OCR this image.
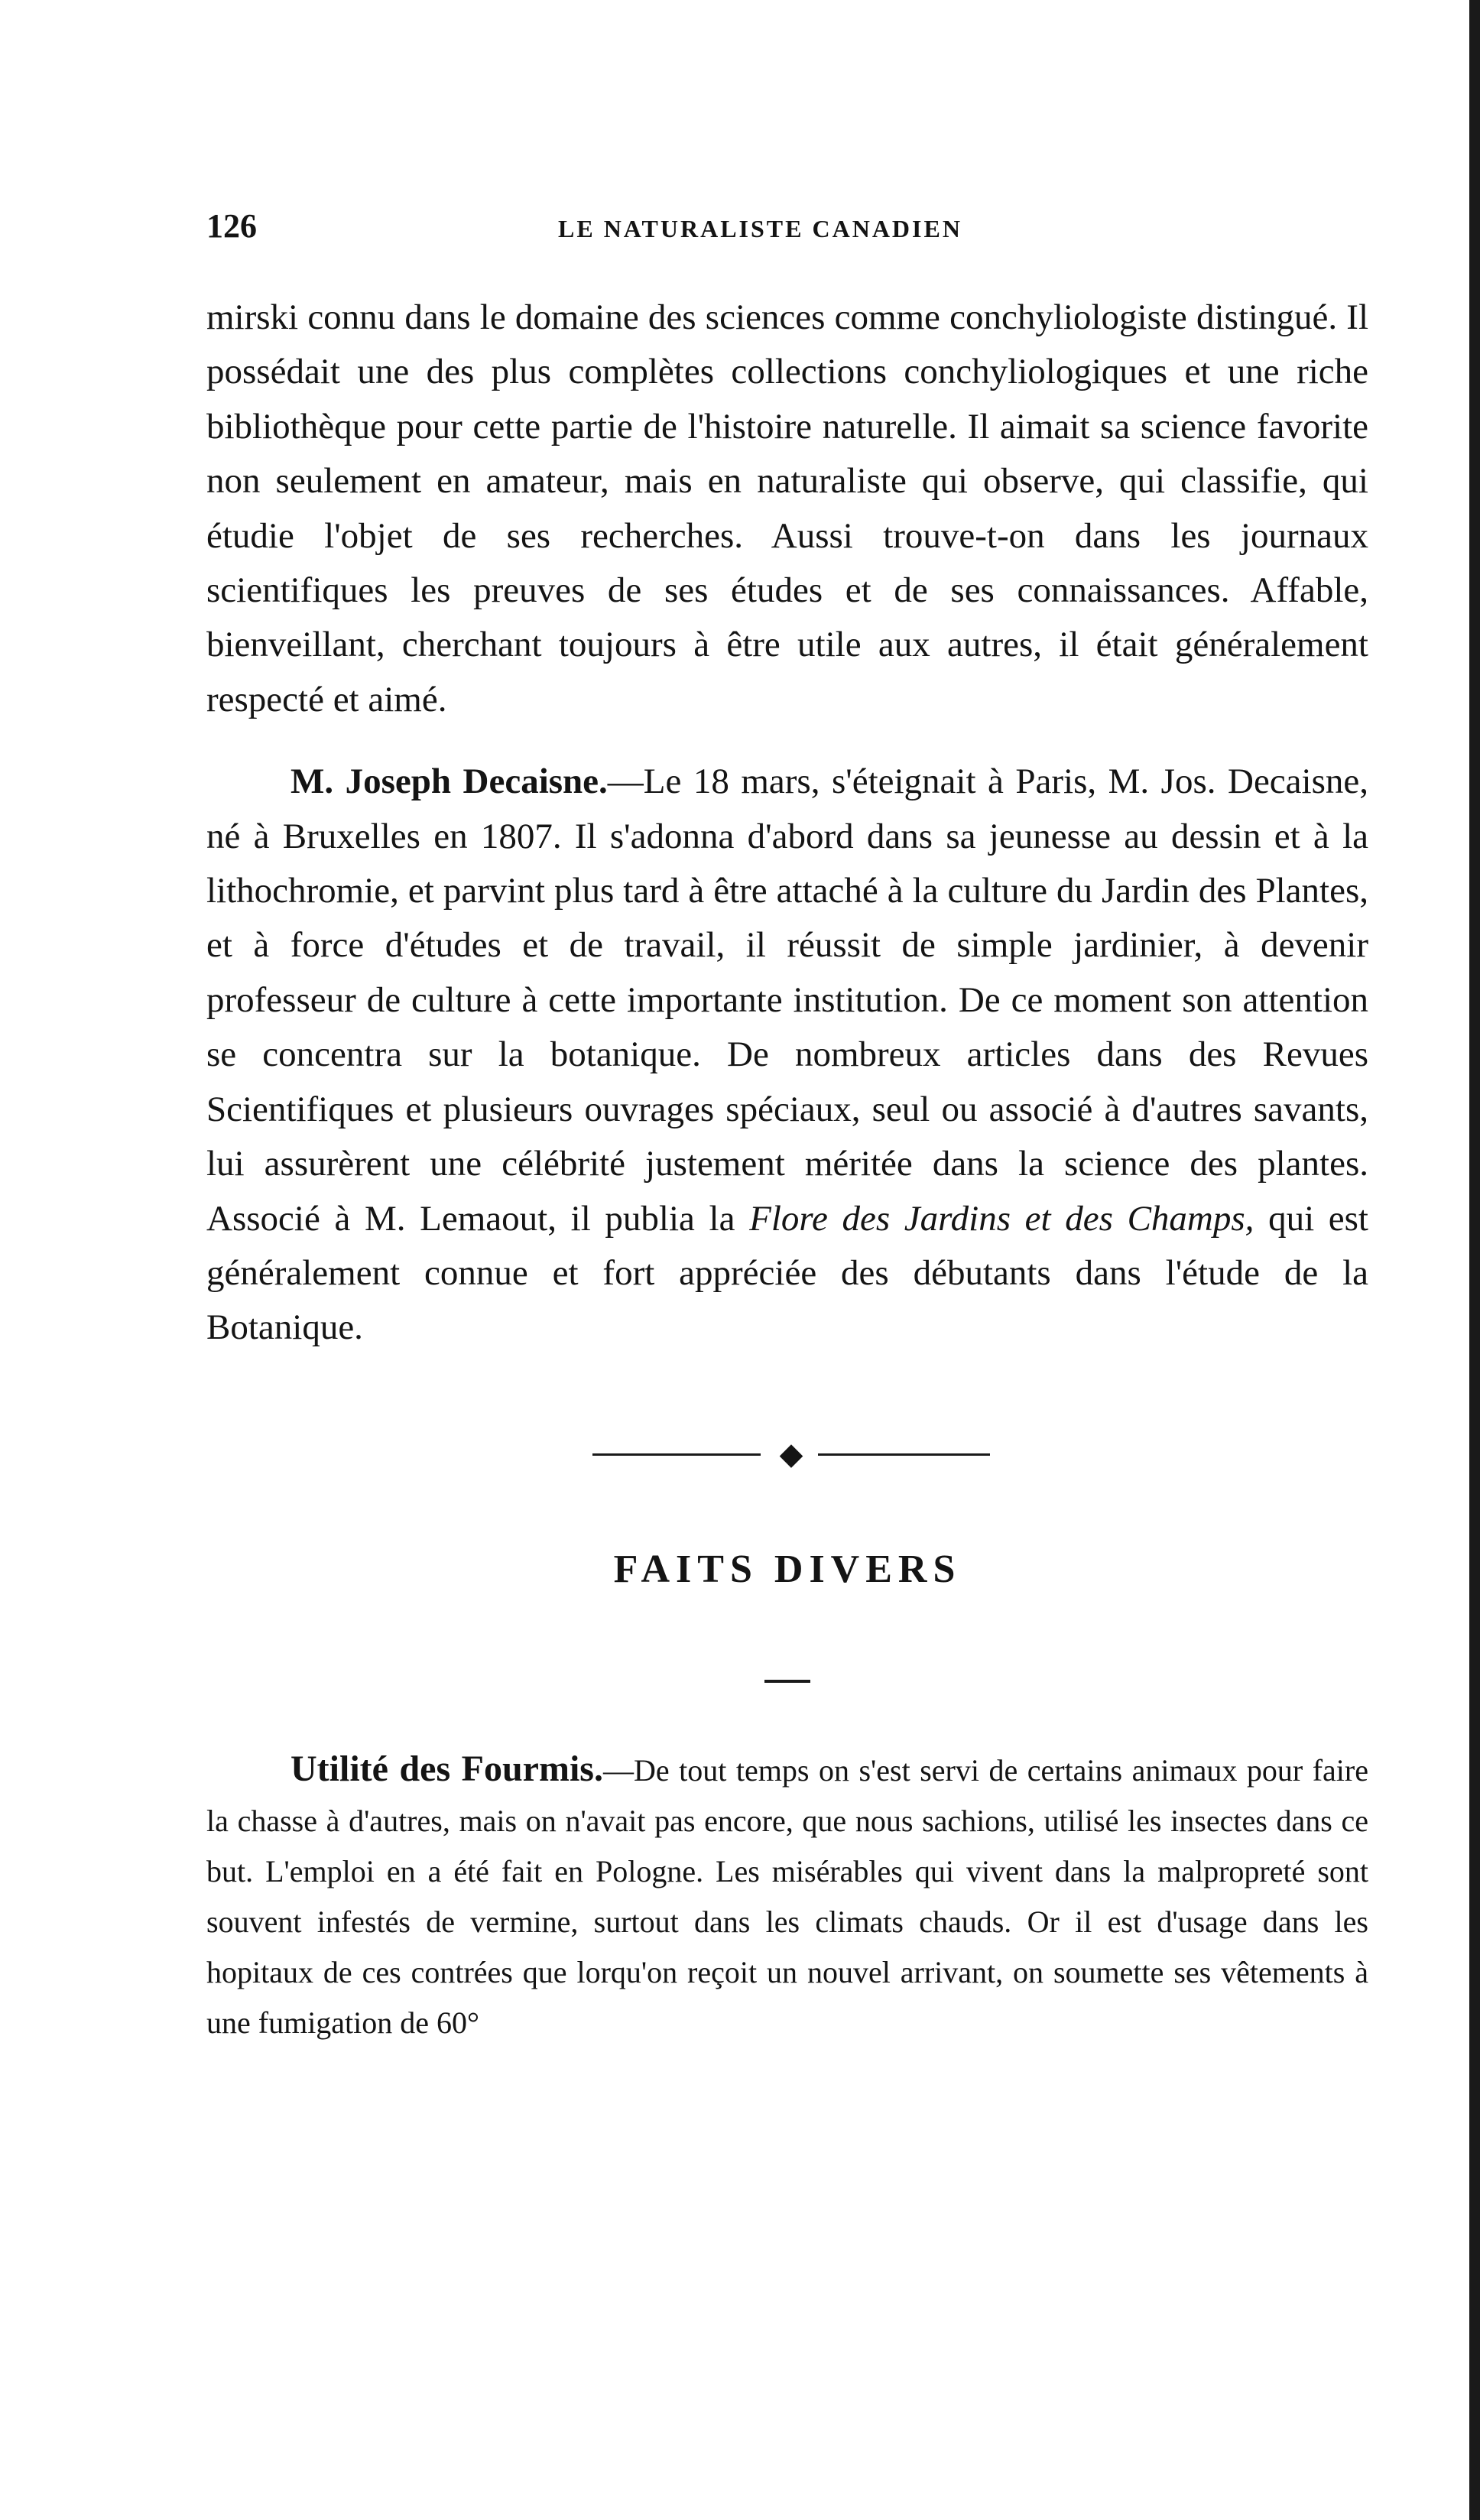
126	LE NATURALISTE CANADIEN

mirski connu dans le domaine des sciences comme conchyliologiste distingué. Il possédait une des plus complètes collections conchyliologiques et une riche bibliothèque pour cette partie de l'histoire naturelle. Il aimait sa science favorite non seulement en amateur, mais en naturaliste qui observe, qui classifie, qui étudie l'objet de ses recherches. Aussi trouve-t-on dans les journaux scientifiques les preuves de ses études et de ses connaissances. Affable, bienveillant, cherchant toujours à être utile aux autres, il était généralement respecté et aimé.

M. Joseph Decaisne.—Le 18 mars, s'éteignait à Paris, M. Jos. Decaisne, né à Bruxelles en 1807. Il s'adonna d'abord dans sa jeunesse au dessin et à la lithochromie, et parvint plus tard à être attaché à la culture du Jardin des Plantes, et à force d'études et de travail, il réussit de simple jardinier, à devenir professeur de culture à cette importante institution. De ce moment son attention se concentra sur la botanique. De nombreux articles dans des Revues Scientifiques et plusieurs ouvrages spéciaux, seul ou associé à d'autres savants, lui assurèrent une célébrité justement méritée dans la science des plantes. Associé à M. Lemaout, il publia la Flore des Jardins et des Champs, qui est généralement connue et fort appréciée des débutants dans l'étude de la Botanique.

◆
FAITS DIVERS

Utilité des Fourmis.—De tout temps on s'est servi de certains animaux pour faire la chasse à d'autres, mais on n'avait pas encore, que nous sachions, utilisé les insectes dans ce but. L'emploi en a été fait en Pologne. Les misérables qui vivent dans la malpropreté sont souvent infestés de vermine, surtout dans les climats chauds. Or il est d'usage dans les hopitaux de ces contrées que lorqu'on reçoit un nouvel arrivant, on soumette ses vêtements à une fumigation de 60°
